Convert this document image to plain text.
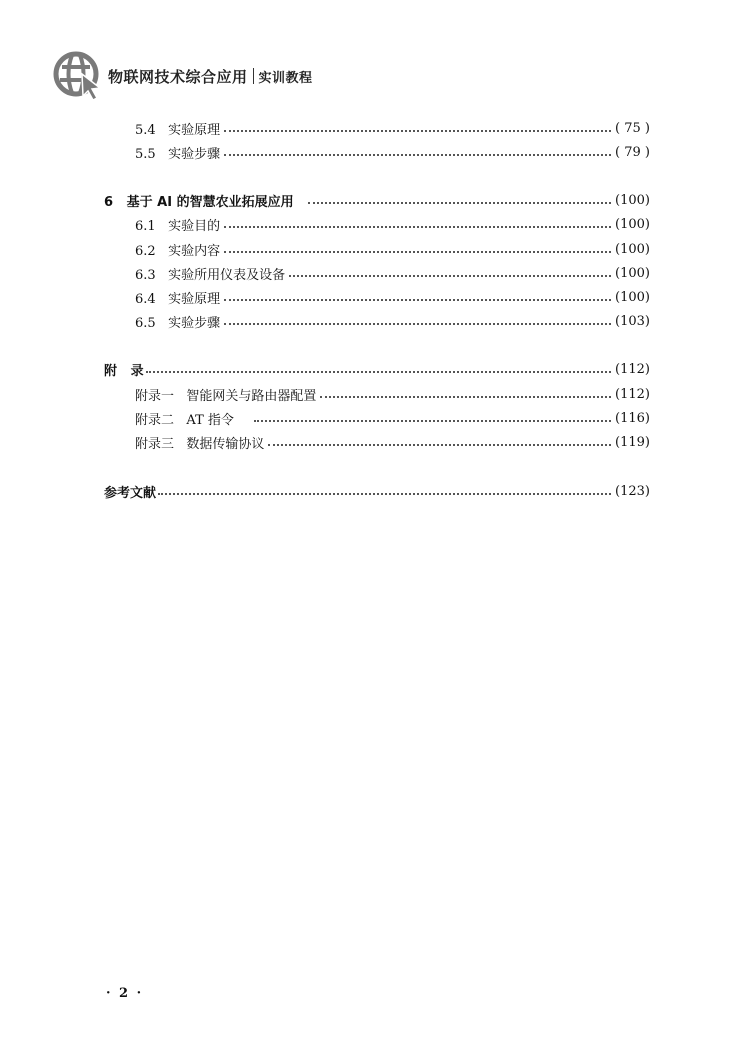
物联网技术综合应用 实训教程
5.4   实验原理	( 75 )
5.5   实验步骤	( 79 )
6   基于 AI 的智慧农业拓展应用	(100)
6.1   实验目的	(100)
6.2   实验内容	(100)
6.3   实验所用仪表及设备	(100)
6.4   实验原理	(100)
6.5   实验步骤	(103)
附   录	(112)
附录一   智能网关与路由器配置	(112)
附录二   AT 指令	(116)
附录三   数据传输协议	(119)
参考文献	(123)
· 2 ·
